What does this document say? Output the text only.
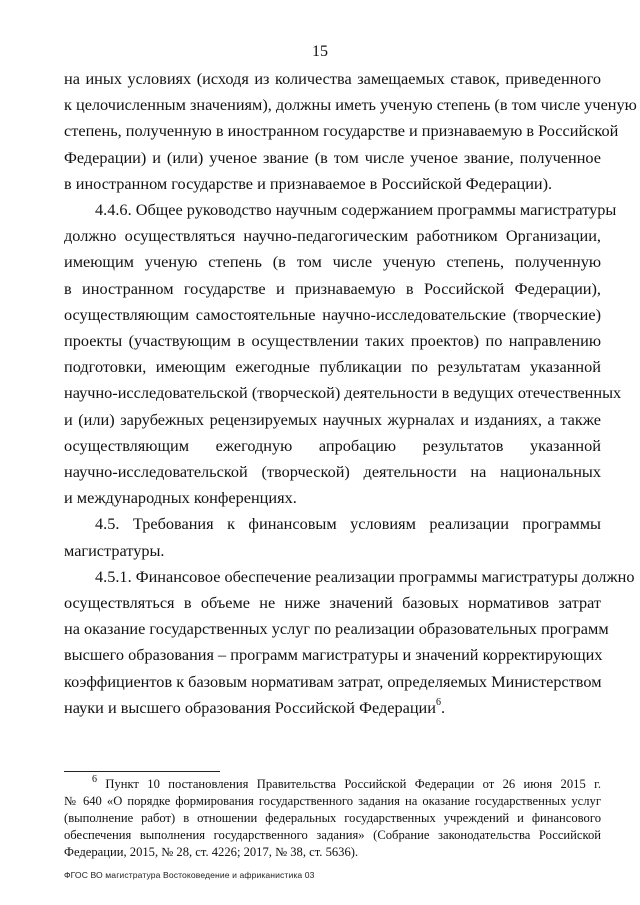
15
на иных условиях (исходя из количества замещаемых ставок, приведенного
к целочисленным значениям), должны иметь ученую степень (в том числе ученую
степень, полученную в иностранном государстве и признаваемую в Российской
Федерации) и (или) ученое звание (в том числе ученое звание, полученное
в иностранном государстве и признаваемое в Российской Федерации).
4.4.6. Общее руководство научным содержанием программы магистратуры
должно осуществляться научно-педагогическим работником Организации,
имеющим ученую степень (в том числе ученую степень, полученную
в иностранном государстве и признаваемую в Российской Федерации),
осуществляющим самостоятельные научно-исследовательские (творческие)
проекты (участвующим в осуществлении таких проектов) по направлению
подготовки, имеющим ежегодные публикации по результатам указанной
научно-исследовательской (творческой) деятельности в ведущих отечественных
и (или) зарубежных рецензируемых научных журналах и изданиях, а также
осуществляющим ежегодную апробацию результатов указанной
научно-исследовательской (творческой) деятельности на национальных
и международных конференциях.
4.5. Требования к финансовым условиям реализации программы
магистратуры.
4.5.1. Финансовое обеспечение реализации программы магистратуры должно
осуществляться в объеме не ниже значений базовых нормативов затрат
на оказание государственных услуг по реализации образовательных программ
высшего образования – программ магистратуры и значений корректирующих
коэффициентов к базовым нормативам затрат, определяемых Министерством
науки и высшего образования Российской Федерации$^6$.
$^6$ Пункт 10 постановления Правительства Российской Федерации от 26 июня 2015 г.
№ 640 «О порядке формирования государственного задания на оказание государственных услуг
(выполнение работ) в отношении федеральных государственных учреждений и финансового
обеспечения выполнения государственного задания» (Собрание законодательства Российской
Федерации, 2015, № 28, ст. 4226; 2017, № 38, ст. 5636).
ФГОС ВО магистратура Востоковедение и африканистика 03
